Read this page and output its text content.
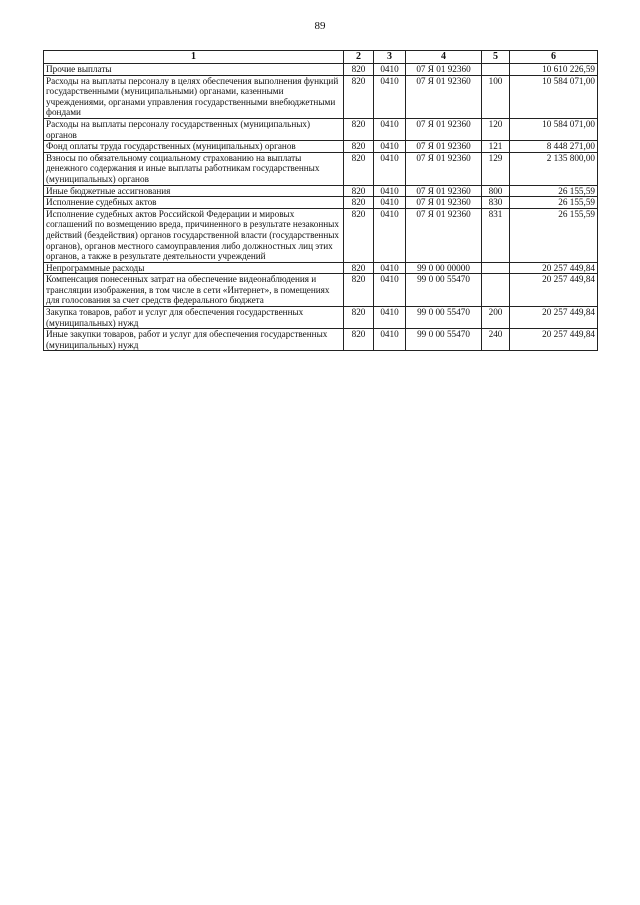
89
1	2	3	4	5	6
Прочие выплаты	820	0410	07 Я 01 92360		10 610 226,59
Расходы на выплаты персоналу в целях обеспечения выполнения функций государственными (муниципальными) органами, казенными учреждениями, органами управления государственными внебюджетными фондами	820	0410	07 Я 01 92360	100	10 584 071,00
Расходы на выплаты персоналу государственных (муниципальных) органов	820	0410	07 Я 01 92360	120	10 584 071,00
Фонд оплаты труда государственных (муниципальных) органов	820	0410	07 Я 01 92360	121	8 448 271,00
Взносы по обязательному социальному страхованию на выплаты денежного содержания и иные выплаты работникам государственных (муниципальных) органов	820	0410	07 Я 01 92360	129	2 135 800,00
Иные бюджетные ассигнования	820	0410	07 Я 01 92360	800	26 155,59
Исполнение судебных актов	820	0410	07 Я 01 92360	830	26 155,59
Исполнение судебных актов Российской Федерации и мировых соглашений по возмещению вреда, причиненного в результате незаконных действий (бездействия) органов государственной власти (государственных органов), органов местного самоуправления либо должностных лиц этих органов, а также в результате деятельности учреждений	820	0410	07 Я 01 92360	831	26 155,59
Непрограммные расходы	820	0410	99 0 00 00000		20 257 449,84
Компенсация понесенных затрат на обеспечение видеонаблюдения и трансляции изображения, в том числе в сети «Интернет», в помещениях для голосования за счет средств федерального бюджета	820	0410	99 0 00 55470		20 257 449,84
Закупка товаров, работ и услуг для обеспечения государственных (муниципальных) нужд	820	0410	99 0 00 55470	200	20 257 449,84
Иные закупки товаров, работ и услуг для обеспечения государственных (муниципальных) нужд	820	0410	99 0 00 55470	240	20 257 449,84
